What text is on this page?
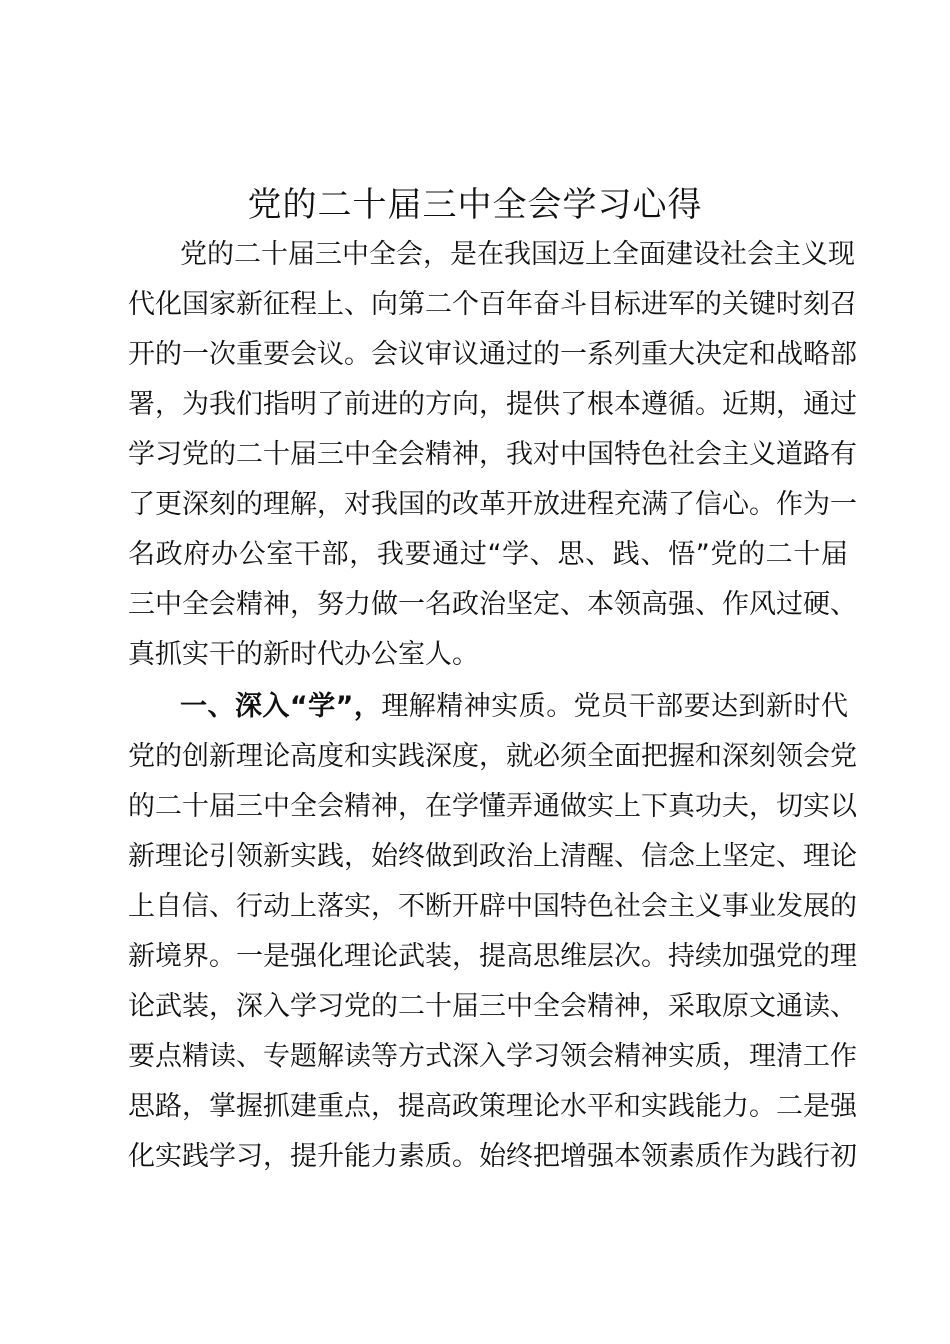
党的二十届三中全会学习心得
党的二十届三中全会，是在我国迈上全面建设社会主义现
代化国家新征程上、向第二个百年奋斗目标进军的关键时刻召
开的一次重要会议。会议审议通过的一系列重大决定和战略部
署，为我们指明了前进的方向，提供了根本遵循。近期，通过
学习党的二十届三中全会精神，我对中国特色社会主义道路有
了更深刻的理解，对我国的改革开放进程充满了信心。作为一
名政府办公室干部，我要通过“学、思、践、悟”党的二十届
三中全会精神，努力做一名政治坚定、本领高强、作风过硬、
真抓实干的新时代办公室人。
一、深入“学”，理解精神实质。党员干部要达到新时代
党的创新理论高度和实践深度，就必须全面把握和深刻领会党
的二十届三中全会精神，在学懂弄通做实上下真功夫，切实以
新理论引领新实践，始终做到政治上清醒、信念上坚定、理论
上自信、行动上落实，不断开辟中国特色社会主义事业发展的
新境界。一是强化理论武装，提高思维层次。持续加强党的理
论武装，深入学习党的二十届三中全会精神，采取原文通读、
要点精读、专题解读等方式深入学习领会精神实质，理清工作
思路，掌握抓建重点，提高政策理论水平和实践能力。二是强
化实践学习，提升能力素质。始终把增强本领素质作为践行初
